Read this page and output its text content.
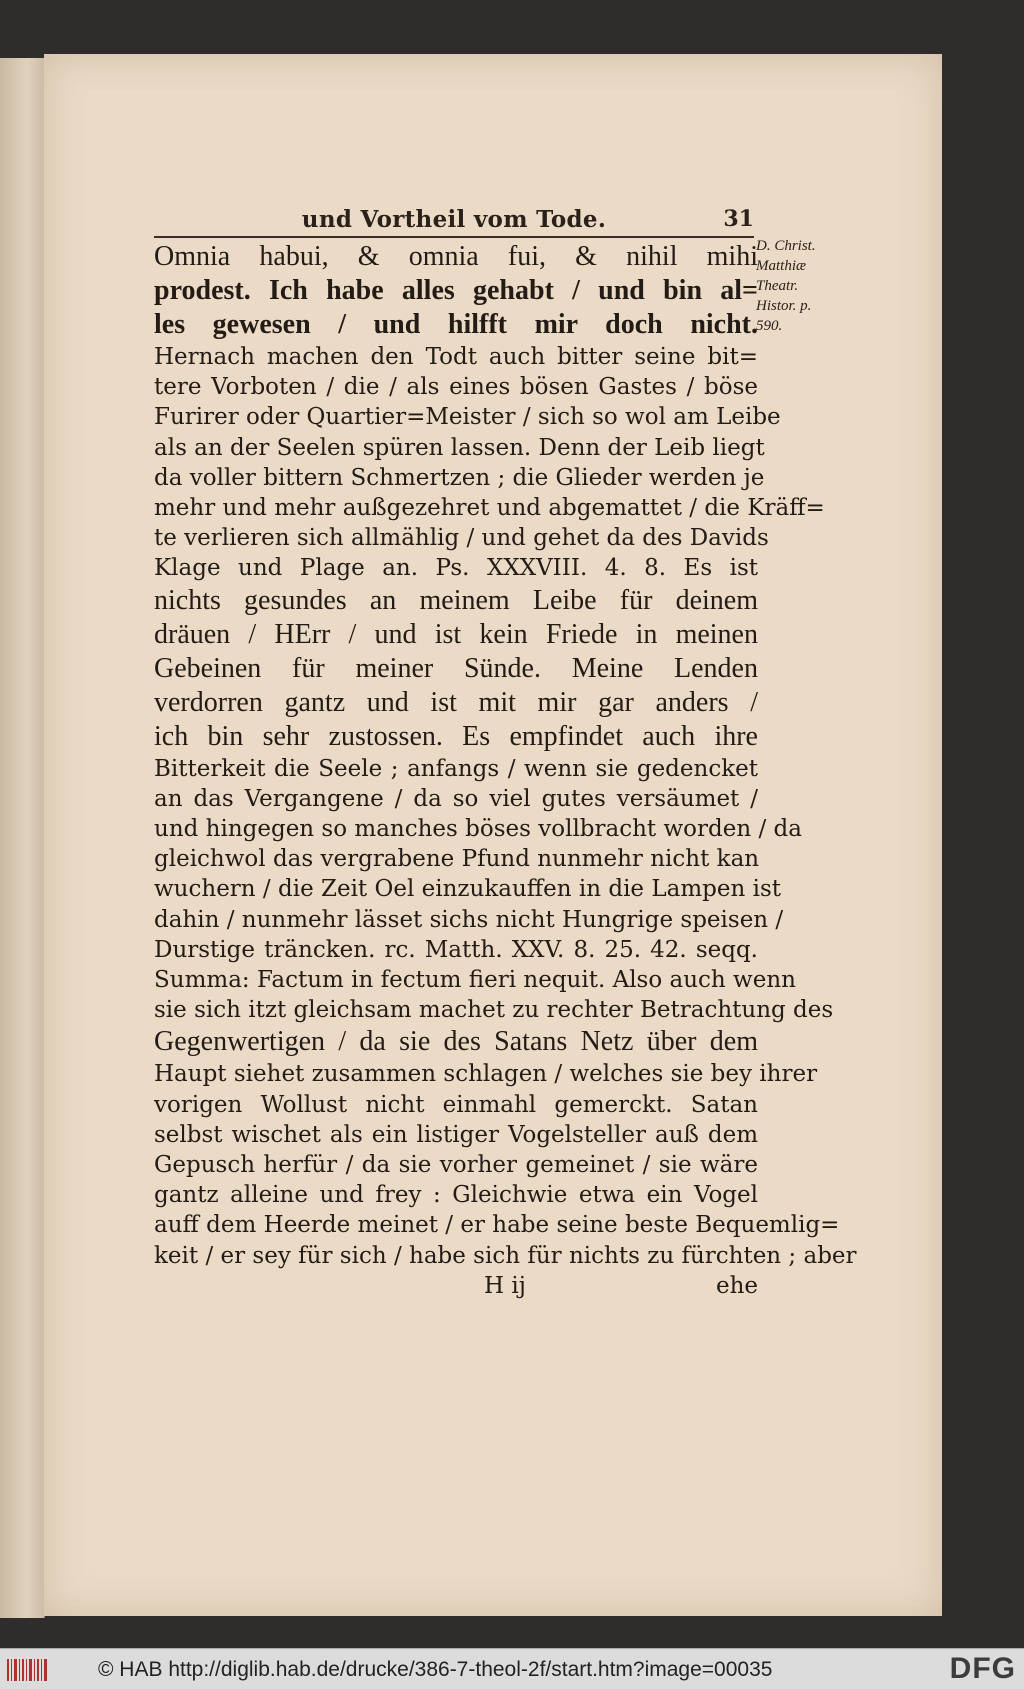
und Vortheil vom Tode.	31
Omnia habui, & omnia fui, & nihil mihi
prodest. Ich habe alles gehabt / und bin al=
les gewesen / und hilfft mir doch nicht.
Hernach machen den Todt auch bitter seine bit=
tere Vorboten / die / als eines bösen Gastes / böse
Furirer oder Quartier=Meister / sich so wol am Leibe
als an der Seelen spüren lassen. Denn der Leib liegt
da voller bittern Schmertzen ; die Glieder werden je
mehr und mehr außgezehret und abgemattet / die Kräff=
te verlieren sich allmählig / und gehet da des Davids
Klage und Plage an. Ps. XXXVIII. 4. 8. Es ist
nichts gesundes an meinem Leibe für deinem
dräuen / HErr / und ist kein Friede in meinen
Gebeinen für meiner Sünde. Meine Lenden
verdorren gantz und ist mit mir gar anders /
ich bin sehr zustossen. Es empfindet auch ihre
Bitterkeit die Seele ; anfangs / wenn sie gedencket
an das Vergangene / da so viel gutes versäumet /
und hingegen so manches böses vollbracht worden / da
gleichwol das vergrabene Pfund nunmehr nicht kan
wuchern / die Zeit Oel einzukauffen in die Lampen ist
dahin / nunmehr lässet sichs nicht Hungrige speisen /
Durstige träncken. rc. Matth. XXV. 8. 25. 42. seqq.
Summa: Factum in fectum fieri nequit. Also auch wenn
sie sich itzt gleichsam machet zu rechter Betrachtung des
Gegenwertigen / da sie des Satans Netz über dem
Haupt siehet zusammen schlagen / welches sie bey ihrer
vorigen Wollust nicht einmahl gemerckt. Satan
selbst wischet als ein listiger Vogelsteller auß dem
Gepusch herfür / da sie vorher gemeinet / sie wäre
gantz alleine und frey : Gleichwie etwa ein Vogel
auff dem Heerde meinet / er habe seine beste Bequemlig=
keit / er sey für sich / habe sich für nichts zu fürchten ; aber
H ij	ehe
D. Christ.
Matthiæ
Theatr.
Histor. p.
590.
© HAB http://diglib.hab.de/drucke/386-7-theol-2f/start.htm?image=00035	DFG
